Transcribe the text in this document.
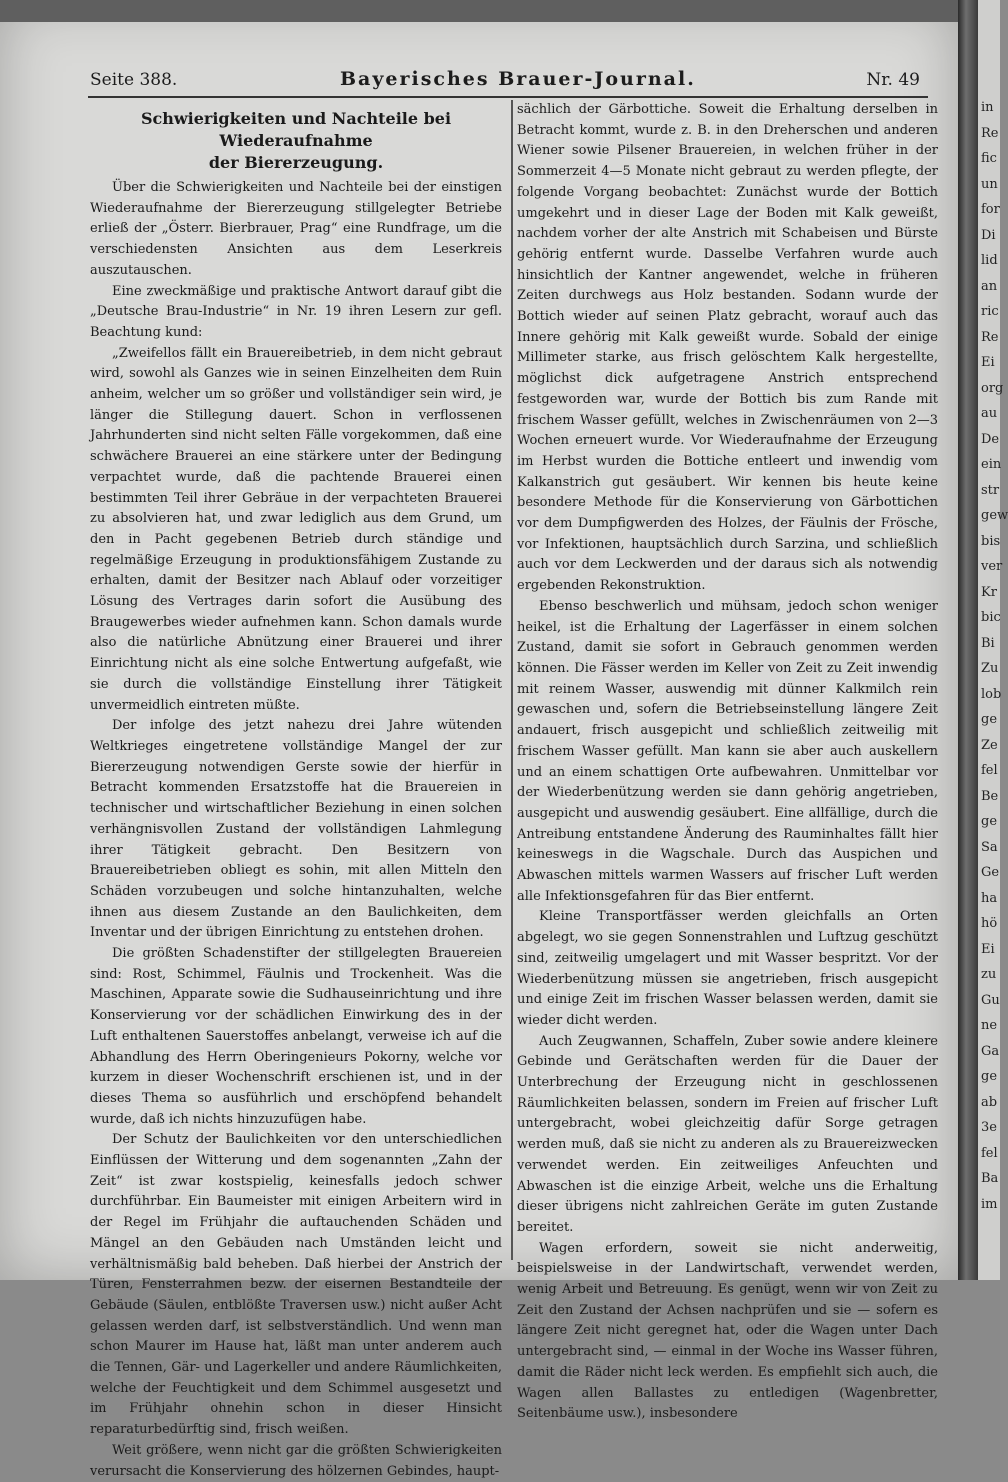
Seite 388.	Bayerisches Brauer-Journal.	Nr. 49
Schwierigkeiten und Nachteile bei Wiederaufnahme
der Biererzeugung.

Über die Schwierigkeiten und Nachteile bei der einstigen Wiederaufnahme der Biererzeugung stillgelegter Betriebe erließ der „Österr. Bierbrauer, Prag“ eine Rundfrage, um die verschiedensten Ansichten aus dem Leserkreis auszutauschen.

Eine zweckmäßige und praktische Antwort darauf gibt die „Deutsche Brau-Industrie“ in Nr. 19 ihren Lesern zur gefl. Beachtung kund:

„Zweifellos fällt ein Brauereibetrieb, in dem nicht gebraut wird, sowohl als Ganzes wie in seinen Einzelheiten dem Ruin anheim, welcher um so größer und vollständiger sein wird, je länger die Stillegung dauert. Schon in verflossenen Jahrhunderten sind nicht selten Fälle vorgekommen, daß eine schwächere Brauerei an eine stärkere unter der Bedingung verpachtet wurde, daß die pachtende Brauerei einen bestimmten Teil ihrer Gebräue in der verpachteten Brauerei zu absolvieren hat, und zwar lediglich aus dem Grund, um den in Pacht gegebenen Betrieb durch ständige und regelmäßige Erzeugung in produktionsfähigem Zustande zu erhalten, damit der Besitzer nach Ablauf oder vorzeitiger Lösung des Vertrages darin sofort die Ausübung des Braugewerbes wieder aufnehmen kann. Schon damals wurde also die natürliche Abnützung einer Brauerei und ihrer Einrichtung nicht als eine solche Entwertung aufgefaßt, wie sie durch die vollständige Einstellung ihrer Tätigkeit unvermeidlich eintreten müßte.

Der infolge des jetzt nahezu drei Jahre wütenden Weltkrieges eingetretene vollständige Mangel der zur Biererzeugung notwendigen Gerste sowie der hierfür in Betracht kommenden Ersatzstoffe hat die Brauereien in technischer und wirtschaftlicher Beziehung in einen solchen verhängnisvollen Zustand der vollständigen Lahmlegung ihrer Tätigkeit gebracht. Den Besitzern von Brauereibetrieben obliegt es sohin, mit allen Mitteln den Schäden vorzubeugen und solche hintanzuhalten, welche ihnen aus diesem Zustande an den Baulichkeiten, dem Inventar und der übrigen Einrichtung zu entstehen drohen.

Die größten Schadenstifter der stillgelegten Brauereien sind: Rost, Schimmel, Fäulnis und Trockenheit. Was die Maschinen, Apparate sowie die Sudhauseinrichtung und ihre Konservierung vor der schädlichen Einwirkung des in der Luft enthaltenen Sauerstoffes anbelangt, verweise ich auf die Abhandlung des Herrn Oberingenieurs Pokorny, welche vor kurzem in dieser Wochenschrift erschienen ist, und in der dieses Thema so ausführlich und erschöpfend behandelt wurde, daß ich nichts hinzuzufügen habe.

Der Schutz der Baulichkeiten vor den unterschiedlichen Einflüssen der Witterung und dem sogenannten „Zahn der Zeit“ ist zwar kostspielig, keinesfalls jedoch schwer durchführbar. Ein Baumeister mit einigen Arbeitern wird in der Regel im Frühjahr die auftauchenden Schäden und Mängel an den Gebäuden nach Umständen leicht und verhältnismäßig bald beheben. Daß hierbei der Anstrich der Türen, Fensterrahmen bezw. der eisernen Bestandteile der Gebäude (Säulen, entblößte Traversen usw.) nicht außer Acht gelassen werden darf, ist selbstverständlich. Und wenn man schon Maurer im Hause hat, läßt man unter anderem auch die Tennen, Gär- und Lagerkeller und andere Räumlichkeiten, welche der Feuchtigkeit und dem Schimmel ausgesetzt und im Frühjahr ohnehin schon in dieser Hinsicht reparaturbedürftig sind, frisch weißen.

Weit größere, wenn nicht gar die größten Schwierigkeiten verursacht die Konservierung des hölzernen Gebindes, haupt-

sächlich der Gärbottiche. Soweit die Erhaltung derselben in Betracht kommt, wurde z. B. in den Dreherschen und anderen Wiener sowie Pilsener Brauereien, in welchen früher in der Sommerzeit 4—5 Monate nicht gebraut zu werden pflegte, der folgende Vorgang beobachtet: Zunächst wurde der Bottich umgekehrt und in dieser Lage der Boden mit Kalk geweißt, nachdem vorher der alte Anstrich mit Schabeisen und Bürste gehörig entfernt wurde. Dasselbe Verfahren wurde auch hinsichtlich der Kantner angewendet, welche in früheren Zeiten durchwegs aus Holz bestanden. Sodann wurde der Bottich wieder auf seinen Platz gebracht, worauf auch das Innere gehörig mit Kalk geweißt wurde. Sobald der einige Millimeter starke, aus frisch gelöschtem Kalk hergestellte, möglichst dick aufgetragene Anstrich entsprechend festgeworden war, wurde der Bottich bis zum Rande mit frischem Wasser gefüllt, welches in Zwischenräumen von 2—3 Wochen erneuert wurde. Vor Wiederaufnahme der Erzeugung im Herbst wurden die Bottiche entleert und inwendig vom Kalkanstrich gut gesäubert. Wir kennen bis heute keine besondere Methode für die Konservierung von Gärbottichen vor dem Dumpfigwerden des Holzes, der Fäulnis der Frösche, vor Infektionen, hauptsächlich durch Sarzina, und schließlich auch vor dem Leckwerden und der daraus sich als notwendig ergebenden Rekonstruktion.

Ebenso beschwerlich und mühsam, jedoch schon weniger heikel, ist die Erhaltung der Lagerfässer in einem solchen Zustand, damit sie sofort in Gebrauch genommen werden können. Die Fässer werden im Keller von Zeit zu Zeit inwendig mit reinem Wasser, auswendig mit dünner Kalkmilch rein gewaschen und, sofern die Betriebseinstellung längere Zeit andauert, frisch ausgepicht und schließlich zeitweilig mit frischem Wasser gefüllt. Man kann sie aber auch auskellern und an einem schattigen Orte aufbewahren. Unmittelbar vor der Wiederbenützung werden sie dann gehörig angetrieben, ausgepicht und auswendig gesäubert. Eine allfällige, durch die Antreibung entstandene Änderung des Rauminhaltes fällt hier keineswegs in die Wagschale. Durch das Auspichen und Abwaschen mittels warmen Wassers auf frischer Luft werden alle Infektionsgefahren für das Bier entfernt.

Kleine Transportfässer werden gleichfalls an Orten abgelegt, wo sie gegen Sonnenstrahlen und Luftzug geschützt sind, zeitweilig umgelagert und mit Wasser bespritzt. Vor der Wiederbenützung müssen sie angetrieben, frisch ausgepicht und einige Zeit im frischen Wasser belassen werden, damit sie wieder dicht werden.

Auch Zeugwannen, Schaffeln, Zuber sowie andere kleinere Gebinde und Gerätschaften werden für die Dauer der Unterbrechung der Erzeugung nicht in geschlossenen Räumlichkeiten belassen, sondern im Freien auf frischer Luft untergebracht, wobei gleichzeitig dafür Sorge getragen werden muß, daß sie nicht zu anderen als zu Brauereizwecken verwendet werden. Ein zeitweiliges Anfeuchten und Abwaschen ist die einzige Arbeit, welche uns die Erhaltung dieser übrigens nicht zahlreichen Geräte im guten Zustande bereitet.

Wagen erfordern, soweit sie nicht anderweitig, beispielsweise in der Landwirtschaft, verwendet werden, wenig Arbeit und Betreuung. Es genügt, wenn wir von Zeit zu Zeit den Zustand der Achsen nachprüfen und sie — sofern es längere Zeit nicht geregnet hat, oder die Wagen unter Dach untergebracht sind, — einmal in der Woche ins Wasser führen, damit die Räder nicht leck werden. Es empfiehlt sich auch, die Wagen allen Ballastes zu entledigen (Wagenbretter, Seitenbäume usw.), insbesondere

in
Re
fic
un
for
Di
lid
an
ric
Re
Ei
org
au
De
ein
str
gew
bis
ver
Kr
bic
Bi
Zu
lob
ge
Ze
fel
Be
ge
Sa
Ge
ha
hö
Ei
zu
Gu
ne
Ga
ge
ab
3e
fel
Ba
im
